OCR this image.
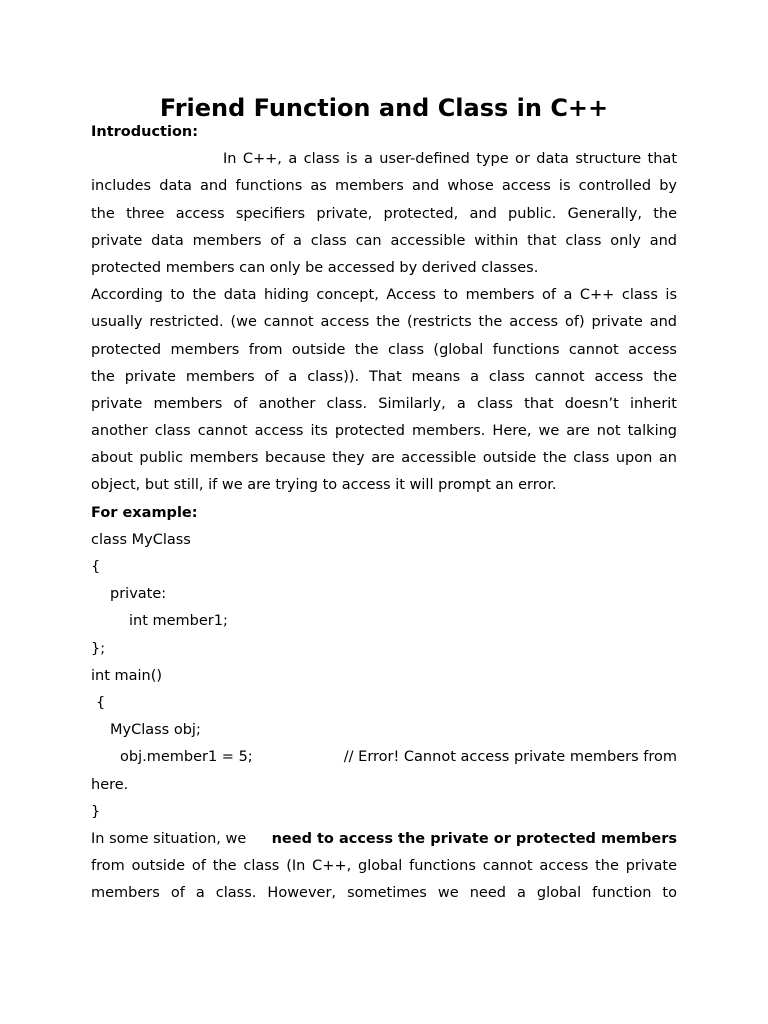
Friend Function and Class in C++
Introduction:
In C++, a class is a user-defined type or data structure that
includes data and functions as members and whose access is controlled by
the three access specifiers private, protected, and public. Generally, the
private data members of a class can accessible within that class only and
protected members can only be accessed by derived classes.
According to the data hiding concept, Access to members of a C++ class is
usually restricted. (we cannot access the (restricts the access of) private and
protected members from outside the class (global functions cannot access
the private members of a class)). That means a class cannot access the
private members of another class. Similarly, a class that doesn’t inherit
another class cannot access its protected members. Here, we are not talking
about public members because they are accessible outside the class upon an
object, but still, if we are trying to access it will prompt an error.
For example:
class MyClass
{
private:
int member1;
};
int main()
{
MyClass obj;
obj.member1 = 5;	// Error! Cannot access private members from
here.
}
In some situation, we need to access the private or protected members
from outside of the class (In C++, global functions cannot access the private
members of a class. However, sometimes we need a global function to
